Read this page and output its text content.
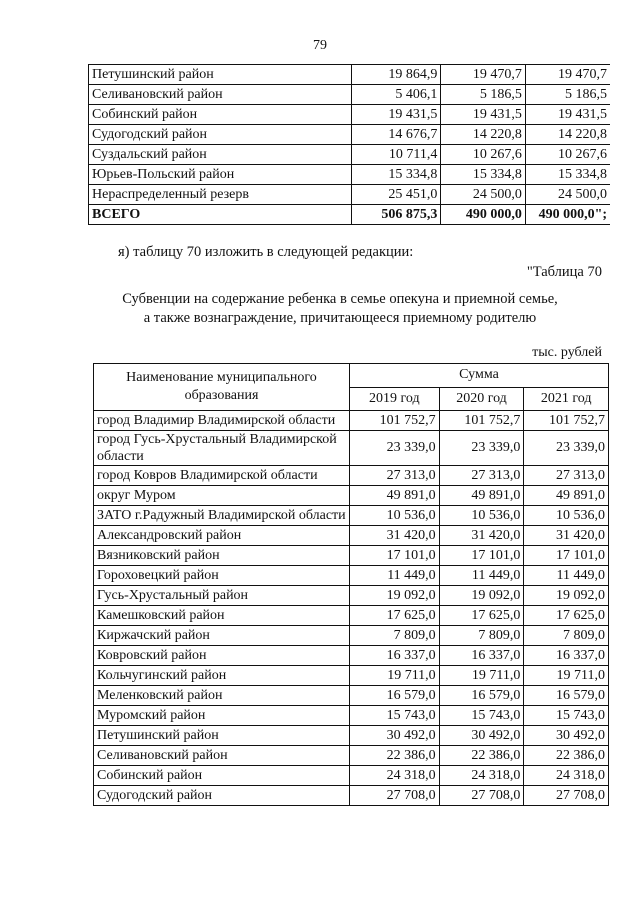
79
Петушинский район	19 864,9	19 470,7	19 470,7
Селивановский район	5 406,1	5 186,5	5 186,5
Собинский район	19 431,5	19 431,5	19 431,5
Судогодский район	14 676,7	14 220,8	14 220,8
Суздальский район	10 711,4	10 267,6	10 267,6
Юрьев-Польский район	15 334,8	15 334,8	15 334,8
Нераспределенный резерв	25 451,0	24 500,0	24 500,0
ВСЕГО	506 875,3	490 000,0	490 000,0";
я) таблицу 70 изложить в следующей редакции:
"Таблица 70
Субвенции на содержание ребенка в семье опекуна и приемной семье,
а также вознаграждение, причитающееся приемному родителю
тыс. рублей
Наименование муниципального образования	Сумма		
	2019 год	2020 год	2021 год
город Владимир Владимирской области	101 752,7	101 752,7	101 752,7
город Гусь-Хрустальный Владимирской области	23 339,0	23 339,0	23 339,0
город Ковров Владимирской области	27 313,0	27 313,0	27 313,0
округ Муром	49 891,0	49 891,0	49 891,0
ЗАТО г.Радужный Владимирской области	10 536,0	10 536,0	10 536,0
Александровский район	31 420,0	31 420,0	31 420,0
Вязниковский район	17 101,0	17 101,0	17 101,0
Гороховецкий район	11 449,0	11 449,0	11 449,0
Гусь-Хрустальный район	19 092,0	19 092,0	19 092,0
Камешковский район	17 625,0	17 625,0	17 625,0
Киржачский район	7 809,0	7 809,0	7 809,0
Ковровский район	16 337,0	16 337,0	16 337,0
Кольчугинский район	19 711,0	19 711,0	19 711,0
Меленковский район	16 579,0	16 579,0	16 579,0
Муромский район	15 743,0	15 743,0	15 743,0
Петушинский район	30 492,0	30 492,0	30 492,0
Селивановский район	22 386,0	22 386,0	22 386,0
Собинский район	24 318,0	24 318,0	24 318,0
Судогодский район	27 708,0	27 708,0	27 708,0
